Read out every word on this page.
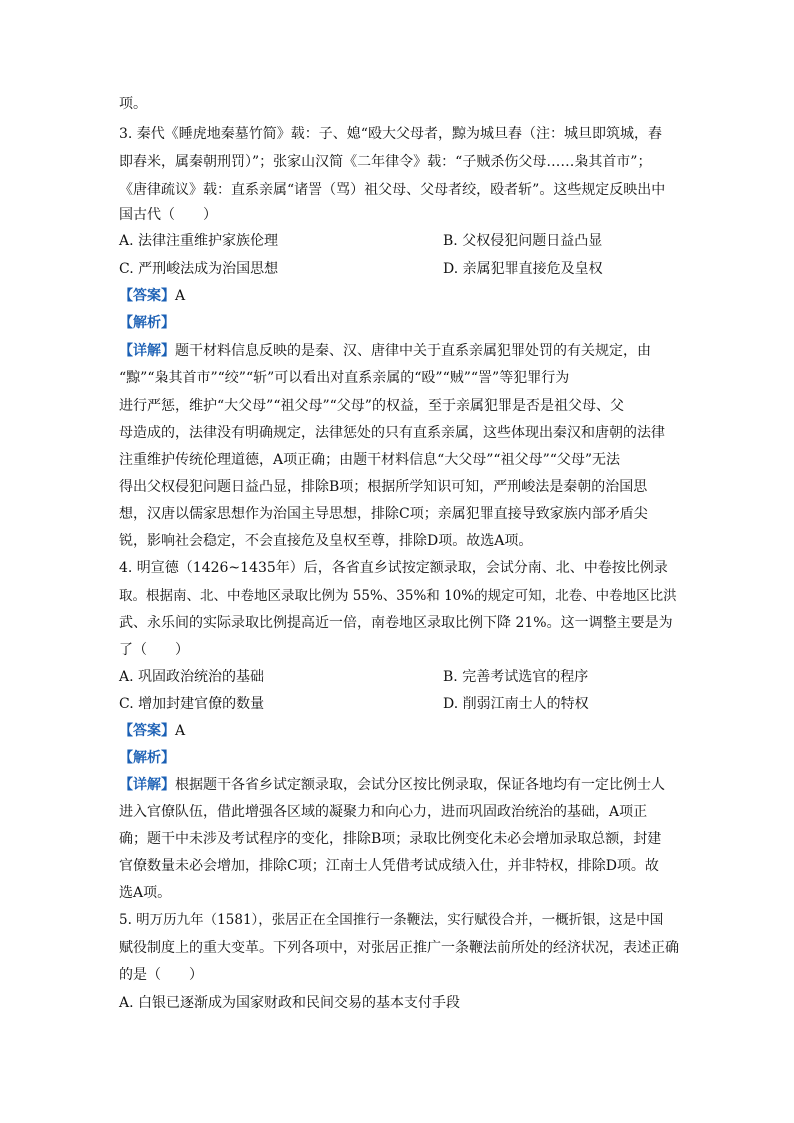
项。
3. 秦代《睡虎地秦墓竹简》载：子、媳“殴大父母者，黥为城旦舂（注：城旦即筑城，舂
即舂米，属秦朝刑罚）”；张家山汉简《二年律令》载：“子贼杀伤父母……枭其首市”；
《唐律疏议》载：直系亲属“诸詈（骂）祖父母、父母者绞，殴者斩”。这些规定反映出中
国古代（　　）
A. 法律注重维护家族伦理	B. 父权侵犯问题日益凸显
C. 严刑峻法成为治国思想	D. 亲属犯罪直接危及皇权
【答案】A
【解析】
【详解】题干材料信息反映的是秦、汉、唐律中关于直系亲属犯罪处罚的有关规定，由
“黥”“枭其首市”“绞”“斩”可以看出对直系亲属的“殴”“贼”“詈”等犯罪行为
进行严惩，维护“大父母”“祖父母”“父母”的权益，至于亲属犯罪是否是祖父母、父
母造成的，法律没有明确规定，法律惩处的只有直系亲属，这些体现出秦汉和唐朝的法律
注重维护传统伦理道德，A项正确；由题干材料信息“大父母”“祖父母”“父母”无法
得出父权侵犯问题日益凸显，排除B项；根据所学知识可知，严刑峻法是秦朝的治国思
想，汉唐以儒家思想作为治国主导思想，排除C项；亲属犯罪直接导致家族内部矛盾尖
锐，影响社会稳定，不会直接危及皇权至尊，排除D项。故选A项。
4. 明宣德（1426~1435年）后，各省直乡试按定额录取，会试分南、北、中卷按比例录
取。根据南、北、中卷地区录取比例为 55%、35%和 10%的规定可知，北卷、中卷地区比洪
武、永乐间的实际录取比例提高近一倍，南卷地区录取比例下降 21%。这一调整主要是为
了（　　）
A. 巩固政治统治的基础	B. 完善考试选官的程序
C. 增加封建官僚的数量	D. 削弱江南士人的特权
【答案】A
【解析】
【详解】根据题干各省乡试定额录取，会试分区按比例录取，保证各地均有一定比例士人
进入官僚队伍，借此增强各区域的凝聚力和向心力，进而巩固政治统治的基础，A项正
确；题干中未涉及考试程序的变化，排除B项；录取比例变化未必会增加录取总额，封建
官僚数量未必会增加，排除C项；江南士人凭借考试成绩入仕，并非特权，排除D项。故
选A项。
5. 明万历九年（1581），张居正在全国推行一条鞭法，实行赋役合并，一概折银，这是中国
赋役制度上的重大变革。下列各项中，对张居正推广一条鞭法前所处的经济状况，表述正确
的是（　　）
A. 白银已逐渐成为国家财政和民间交易的基本支付手段
